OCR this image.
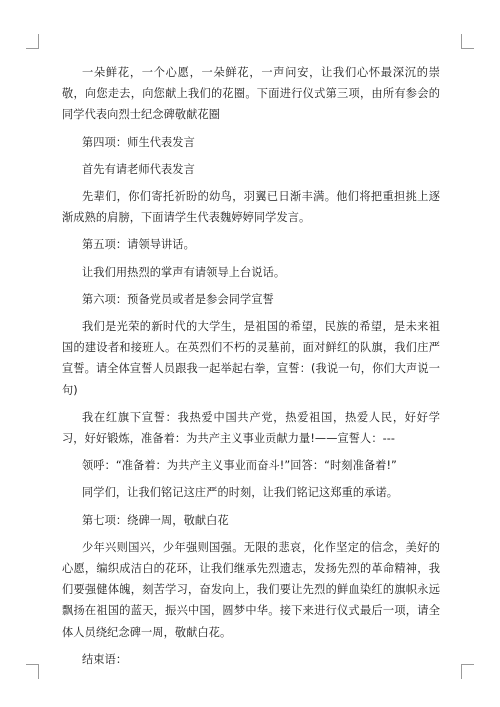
一朵鲜花，一个心愿，一朵鲜花，一声问安，让我们心怀最深沉的崇敬，向您走去，向您献上我们的花圈。下面进行仪式第三项，由所有参会的同学代表向烈士纪念碑敬献花圈

第四项：师生代表发言

首先有请老师代表发言

先辈们，你们寄托祈盼的幼鸟，羽翼已日渐丰满。他们将把重担挑上逐渐成熟的肩膀，下面请学生代表魏婷婷同学发言。

第五项：请领导讲话。

让我们用热烈的掌声有请领导上台说话。

第六项：预备党员或者是参会同学宣誓

我们是光荣的新时代的大学生，是祖国的希望，民族的希望，是未来祖国的建设者和接班人。在英烈们不朽的灵墓前，面对鲜红的队旗，我们庄严宣誓。请全体宣誓人员跟我一起举起右拳，宣誓：(我说一句，你们大声说一句)

我在红旗下宣誓：我热爱中国共产党，热爱祖国，热爱人民，好好学习，好好锻炼，准备着：为共产主义事业贡献力量!——宣誓人：---

领呼：“准备着：为共产主义事业而奋斗!”回答：“时刻准备着!”

同学们，让我们铭记这庄严的时刻，让我们铭记这郑重的承诺。

第七项：绕碑一周，敬献白花

少年兴则国兴，少年强则国强。无限的悲哀，化作坚定的信念，美好的心愿，编织成洁白的花环，让我们继承先烈遗志，发扬先烈的革命精神，我们要强健体魄，刻苦学习，奋发向上，我们要让先烈的鲜血染红的旗帜永远飘扬在祖国的蓝天，振兴中国，圆梦中华。接下来进行仪式最后一项，请全体人员绕纪念碑一周，敬献白花。

结束语：
